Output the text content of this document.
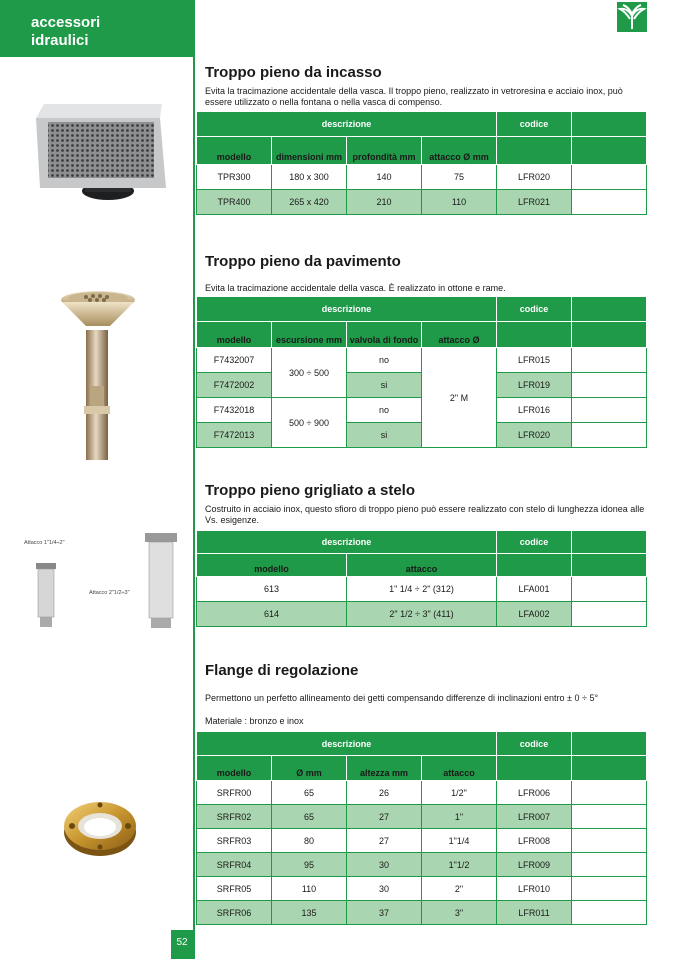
accessori
idraulici
52
Troppo pieno da incasso
Evita la tracimazione accidentale della vasca. Il troppo pieno, realizzato in vetroresina e acciaio inox, può essere utilizzato o nella fontana o nella vasca di compenso.
descrizione				codice	
modello	dimensioni mm	profondità mm	attacco Ø mm		
TPR300	180 x 300	140	75	LFR020	
TPR400	265 x 420	210	110	LFR021	
Troppo pieno da pavimento
Evita la tracimazione accidentale della vasca. È realizzato in ottone e rame.
descrizione				codice	
modello	escursione mm	valvola di fondo	attacco Ø		
F7432007	300 ÷ 500	no	2" M	LFR015	
F7472002		si		LFR019	
F7432018	500 ÷ 900	no		LFR016	
F7472013		si		LFR020	
Attacco 1"1/4÷2"
Attacco 2"1/2÷3"
Troppo pieno grigliato a stelo
Costruito in acciaio inox, questo sfioro di troppo pieno può essere realizzato con stelo di lunghezza idonea alle Vs. esigenze.
descrizione		codice	
modello	attacco		
613	1" 1/4 ÷ 2" (312)	LFA001	
614	2" 1/2 ÷ 3" (411)	LFA002	
Flange di regolazione
Permettono un perfetto allineamento dei getti compensando differenze di inclinazioni entro ± 0 ÷ 5°
Materiale : bronzo e inox
descrizione				codice	
modello	Ø mm	altezza mm	attacco		
SRFR00	65	26	1/2"	LFR006	
SRFR02	65	27	1"	LFR007	
SRFR03	80	27	1"1/4	LFR008	
SRFR04	95	30	1"1/2	LFR009	
SRFR05	110	30	2"	LFR010	
SRFR06	135	37	3"	LFR011	
